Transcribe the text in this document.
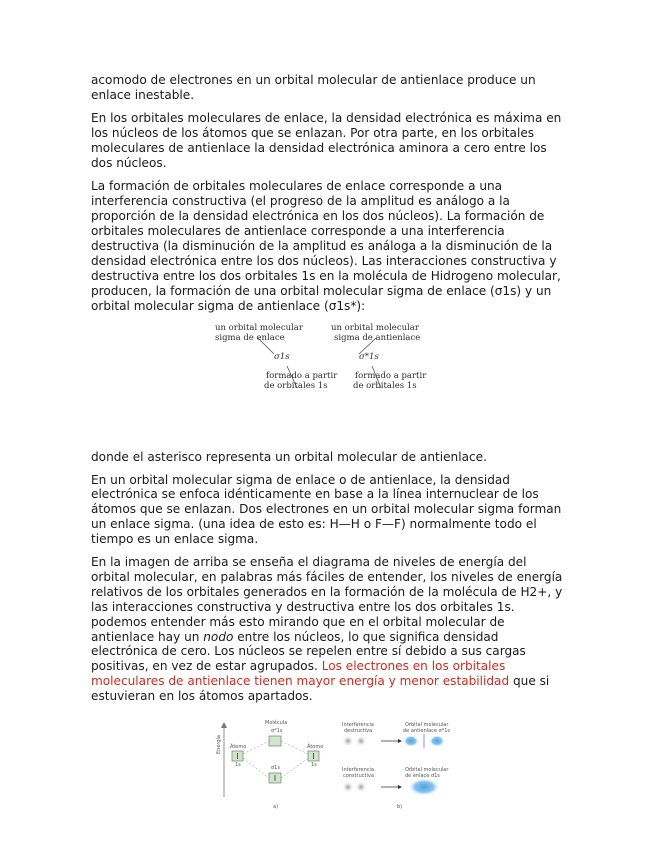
acomodo de electrones en un orbital molecular de antienlace produce un enlace inestable.

En los orbitales moleculares de enlace, la densidad electrónica es máxima en los núcleos de los átomos que se enlazan. Por otra parte, en los orbitales moleculares de antienlace la densidad electrónica aminora a cero entre los dos núcleos.

La formación de orbitales moleculares de enlace corresponde a una interferencia constructiva (el progreso de la amplitud es análogo a la proporción de la densidad electrónica en los dos núcleos). La formación de orbitales moleculares de antienlace corresponde a una interferencia destructiva (la disminución de la amplitud es análoga a la disminución de la densidad electrónica entre los dos núcleos). Las interacciones constructiva y destructiva entre los dos orbitales 1s en la molécula de Hidrogeno molecular, producen, la formación de una orbital molecular sigma de enlace (σ1s) y un orbital molecular sigma de antienlace (σ1s*):

un orbital molecular
sigma de enlace
σ1s
formado a partir
de orbitales 1s
un orbital molecular
sigma de antienlace
σ*1s
formado a partir
de orbitales 1s

donde el asterisco representa un orbital molecular de antienlace.

En un orbital molecular sigma de enlace o de antienlace, la densidad electrónica se enfoca idénticamente en base a la línea internuclear de los átomos que se enlazan. Dos electrones en un orbital molecular sigma forman un enlace sigma. (una idea de esto es: H—H o F—F) normalmente todo el tiempo es un enlace sigma.

En la imagen de arriba se enseña el diagrama de niveles de energía del orbital molecular, en palabras más fáciles de entender, los niveles de energía relativos de los orbitales generados en la formación de la molécula de H2+, y las interacciones constructiva y destructiva entre los dos orbitales 1s. podemos entender más esto mirando que en el orbital molecular de antienlace hay un nodo entre los núcleos, lo que significa densidad electrónica de cero. Los núcleos se repelen entre sí debido a sus cargas positivas, en vez de estar agrupados. Los electrones en los orbitales moleculares de antienlace tienen mayor energía y menor estabilidad que si estuvieran en los átomos apartados.

Energía Átomo	Átomo
Molécula
σ*1s
σ1s
1s	1s
a)	b)
Interferencia
destructiva
Orbital molecular
de antienlace σ*1s
Interferencia
constructiva
Orbital molecular
de enlace σ1s
